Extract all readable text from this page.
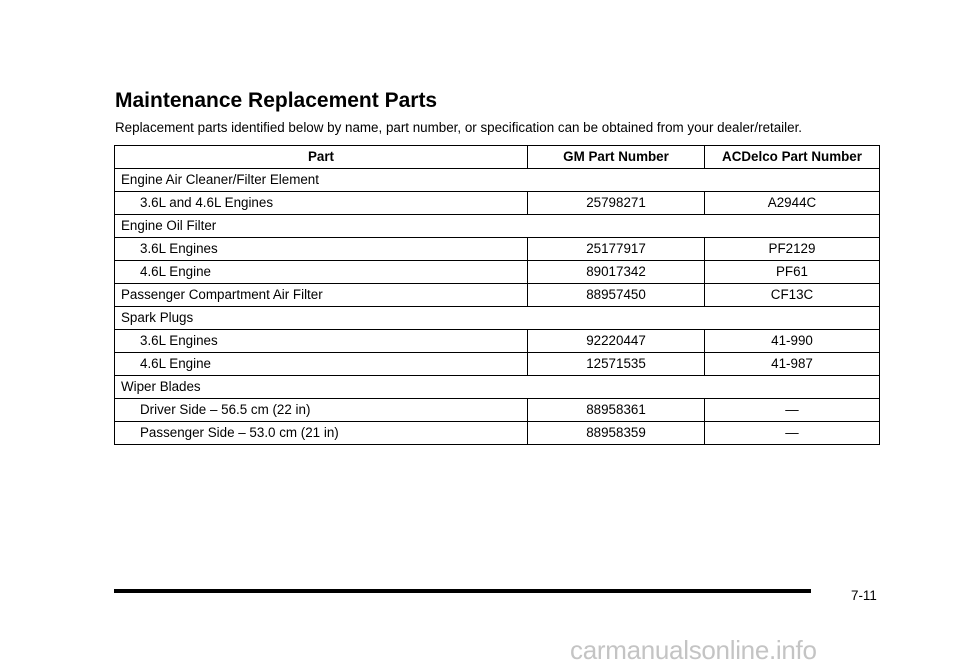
Maintenance Replacement Parts

Replacement parts identified below by name, part number, or specification can be obtained from your dealer/retailer.

Part	GM Part Number	ACDelco Part Number
Engine Air Cleaner/Filter Element		
3.6L and 4.6L Engines	25798271	A2944C
Engine Oil Filter		
3.6L Engines	25177917	PF2129
4.6L Engine	89017342	PF61
Passenger Compartment Air Filter	88957450	CF13C
Spark Plugs		
3.6L Engines	92220447	41-990
4.6L Engine	12571535	41-987
Wiper Blades		
Driver Side – 56.5 cm (22 in)	88958361	—
Passenger Side – 53.0 cm (21 in)	88958359	—
7-11
carmanualsonline.info
